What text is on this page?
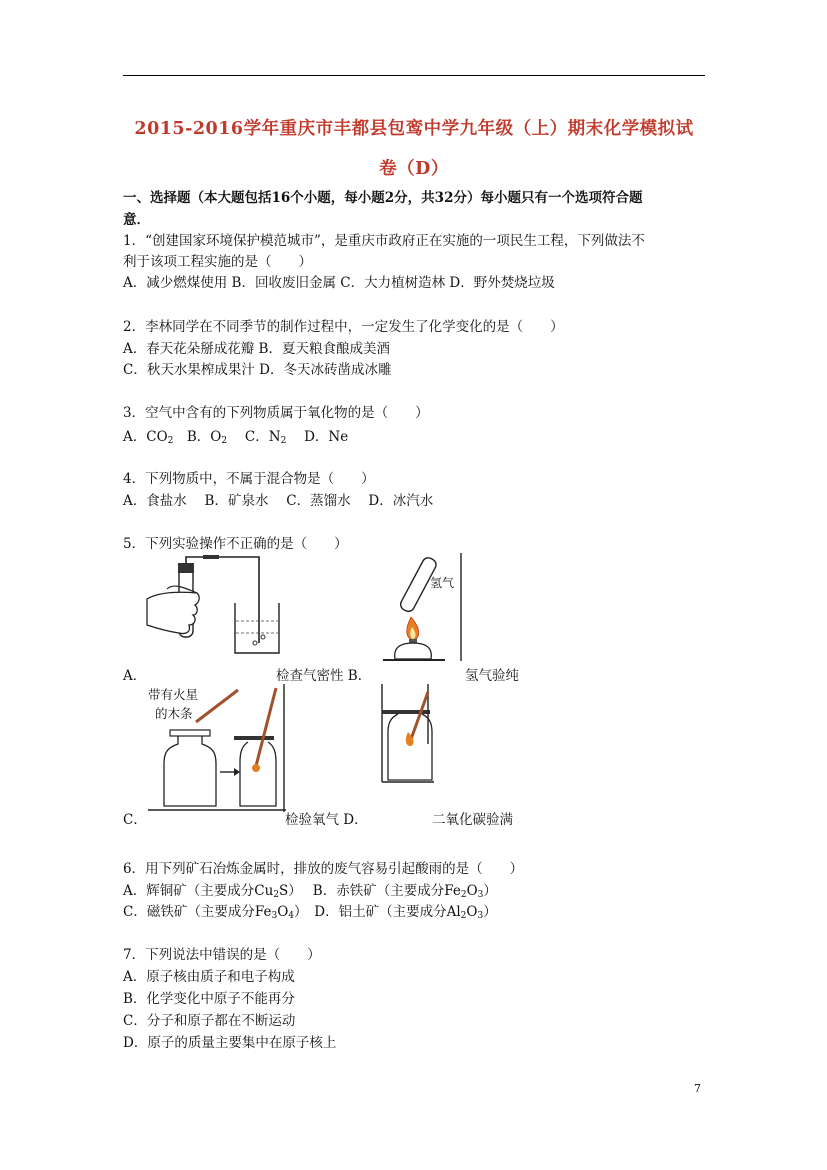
2015-2016学年重庆市丰都县包鸾中学九年级（上）期末化学模拟试
卷（D）
一、选择题（本大题包括16个小题，每小题2分，共32分）每小题只有一个选项符合题
意．
1．“创建国家环境保护模范城市”，是重庆市政府正在实施的一项民生工程，下列做法不
利于该项工程实施的是（　　）
A．减少燃煤使用 B．回收废旧金属 C．大力植树造林 D．野外焚烧垃圾
2．李林同学在不同季节的制作过程中，一定发生了化学变化的是（　　）
A．春天花朵掰成花瓣 B．夏天粮食酿成美酒
C．秋天水果榨成果汁 D．冬天冰砖凿成冰雕
3．空气中含有的下列物质属于氧化物的是（　　）
A．$CO_2$　B．$O_2$　 C．$N_2$　 D．Ne
4．下列物质中，不属于混合物是（　　）
A．食盐水　 B．矿泉水　 C．蒸馏水　 D．冰汽水
5．下列实验操作不正确的是（　　）
氢气
A．	检查气密性 B．	氢气验纯
带有火星
的木条
C．	检验氧气 D．	二氧化碳验满
6．用下列矿石冶炼金属时，排放的废气容易引起酸雨的是（　　）
A．辉铜矿（主要成分$Cu_2S$）　 B．赤铁矿（主要成分$Fe_2O_3$）
C．磁铁矿（主要成分$Fe_3O_4$）　D．铝土矿（主要成分$Al_2O_3$）
7．下列说法中错误的是（　　）
A．原子核由质子和电子构成
B．化学变化中原子不能再分
C．分子和原子都在不断运动
D．原子的质量主要集中在原子核上
7
